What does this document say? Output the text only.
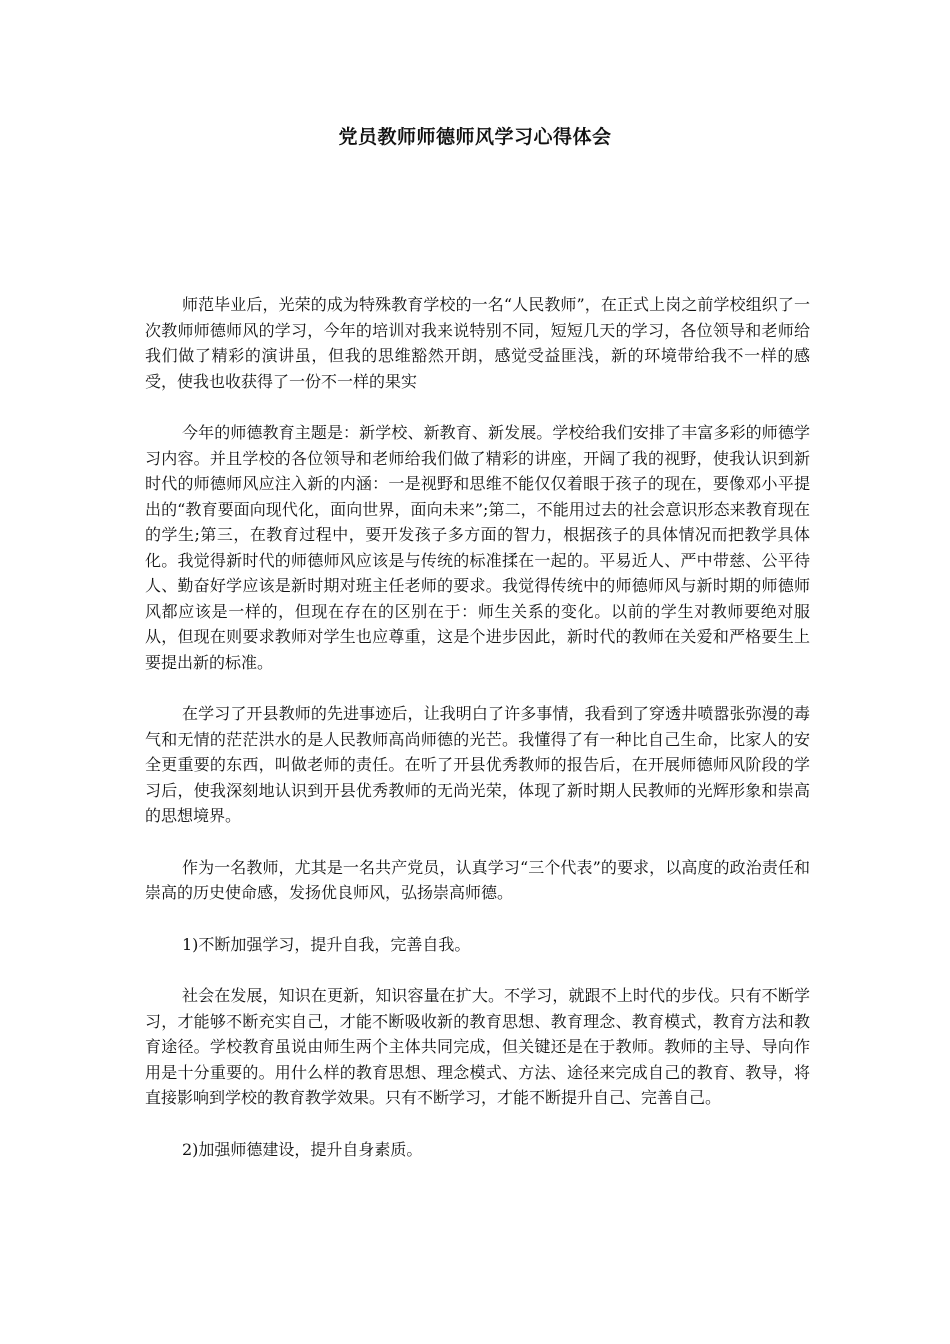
党员教师师德师风学习心得体会

师范毕业后，光荣的成为特殊教育学校的一名“人民教师”，在正式上岗之前学校组织了一次教师师德师风的学习，今年的培训对我来说特别不同，短短几天的学习，各位领导和老师给我们做了精彩的演讲虽，但我的思维豁然开朗，感觉受益匪浅，新的环境带给我不一样的感受，使我也收获得了一份不一样的果实

今年的师德教育主题是：新学校、新教育、新发展。学校给我们安排了丰富多彩的师德学习内容。并且学校的各位领导和老师给我们做了精彩的讲座，开阔了我的视野，使我认识到新时代的师德师风应注入新的内涵：一是视野和思维不能仅仅着眼于孩子的现在，要像邓小平提出的“教育要面向现代化，面向世界，面向未来”;第二，不能用过去的社会意识形态来教育现在的学生;第三，在教育过程中，要开发孩子多方面的智力，根据孩子的具体情况而把教学具体化。我觉得新时代的师德师风应该是与传统的标准揉在一起的。平易近人、严中带慈、公平待人、勤奋好学应该是新时期对班主任老师的要求。我觉得传统中的师德师风与新时期的师德师风都应该是一样的，但现在存在的区别在于：师生关系的变化。以前的学生对教师要绝对服从，但现在则要求教师对学生也应尊重，这是个进步因此，新时代的教师在关爱和严格要生上要提出新的标准。

在学习了开县教师的先进事迹后，让我明白了许多事情，我看到了穿透井喷嚣张弥漫的毒气和无情的茫茫洪水的是人民教师高尚师德的光芒。我懂得了有一种比自己生命，比家人的安全更重要的东西，叫做老师的责任。在听了开县优秀教师的报告后，在开展师德师风阶段的学习后，使我深刻地认识到开县优秀教师的无尚光荣，体现了新时期人民教师的光辉形象和崇高的思想境界。

作为一名教师，尤其是一名共产党员，认真学习“三个代表”的要求，以高度的政治责任和崇高的历史使命感，发扬优良师风，弘扬崇高师德。

1)不断加强学习，提升自我，完善自我。

社会在发展，知识在更新，知识容量在扩大。不学习，就跟不上时代的步伐。只有不断学习，才能够不断充实自己，才能不断吸收新的教育思想、教育理念、教育模式，教育方法和教育途径。学校教育虽说由师生两个主体共同完成，但关键还是在于教师。教师的主导、导向作用是十分重要的。用什么样的教育思想、理念模式、方法、途径来完成自己的教育、教导，将直接影响到学校的教育教学效果。只有不断学习，才能不断提升自己、完善自己。

2)加强师德建设，提升自身素质。
